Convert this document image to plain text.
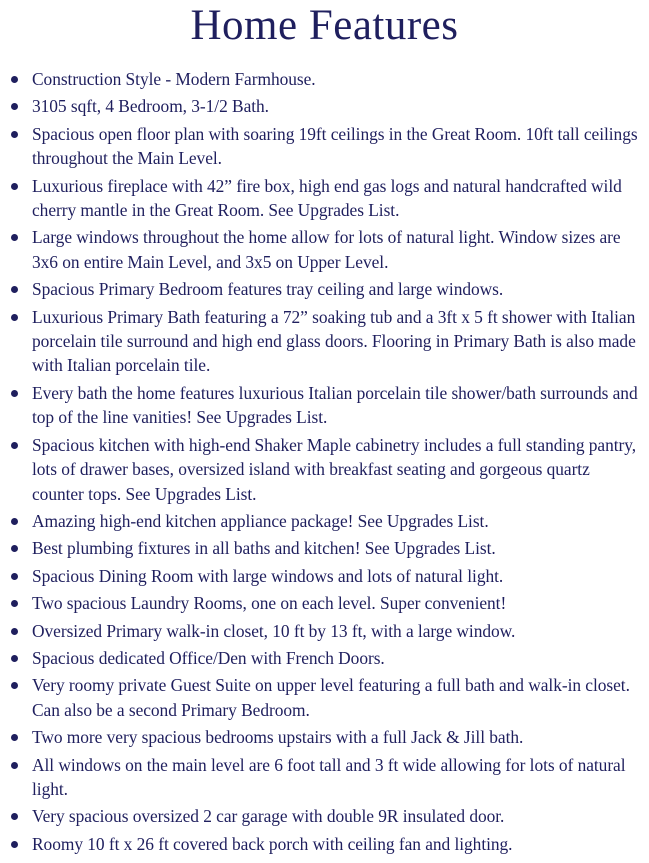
Home Features
Construction Style - Modern Farmhouse.
3105 sqft, 4 Bedroom, 3-1/2 Bath.
Spacious open floor plan with soaring 19ft ceilings in the Great Room. 10ft tall ceilings throughout the Main Level.
Luxurious fireplace with 42” fire box, high end gas logs and natural handcrafted wild cherry mantle in the Great Room. See Upgrades List.
Large windows throughout the home allow for lots of natural light. Window sizes are 3x6 on entire Main Level, and 3x5 on Upper Level.
Spacious Primary Bedroom features tray ceiling and large windows.
Luxurious Primary Bath featuring a 72” soaking tub and a 3ft x 5 ft shower with Italian porcelain tile surround and high end glass doors. Flooring in Primary Bath is also made with Italian porcelain tile.
Every bath the home features luxurious Italian porcelain tile shower/bath surrounds and top of the line vanities! See Upgrades List.
Spacious kitchen with high-end Shaker Maple cabinetry includes a full standing pantry, lots of drawer bases, oversized island with breakfast seating and gorgeous quartz counter tops. See Upgrades List.
Amazing high-end kitchen appliance package! See Upgrades List.
Best plumbing fixtures in all baths and kitchen! See Upgrades List.
Spacious Dining Room with large windows and lots of natural light.
Two spacious Laundry Rooms, one on each level. Super convenient!
Oversized Primary walk-in closet, 10 ft by 13 ft, with a large window.
Spacious dedicated Office/Den with French Doors.
Very roomy private Guest Suite on upper level featuring a full bath and walk-in closet. Can also be a second Primary Bedroom.
Two more very spacious bedrooms upstairs with a full Jack & Jill bath.
All windows on the main level are 6 foot tall and 3 ft wide allowing for lots of natural light.
Very spacious oversized 2 car garage with double 9R insulated door.
Roomy 10 ft x 26 ft covered back porch with ceiling fan and lighting.
